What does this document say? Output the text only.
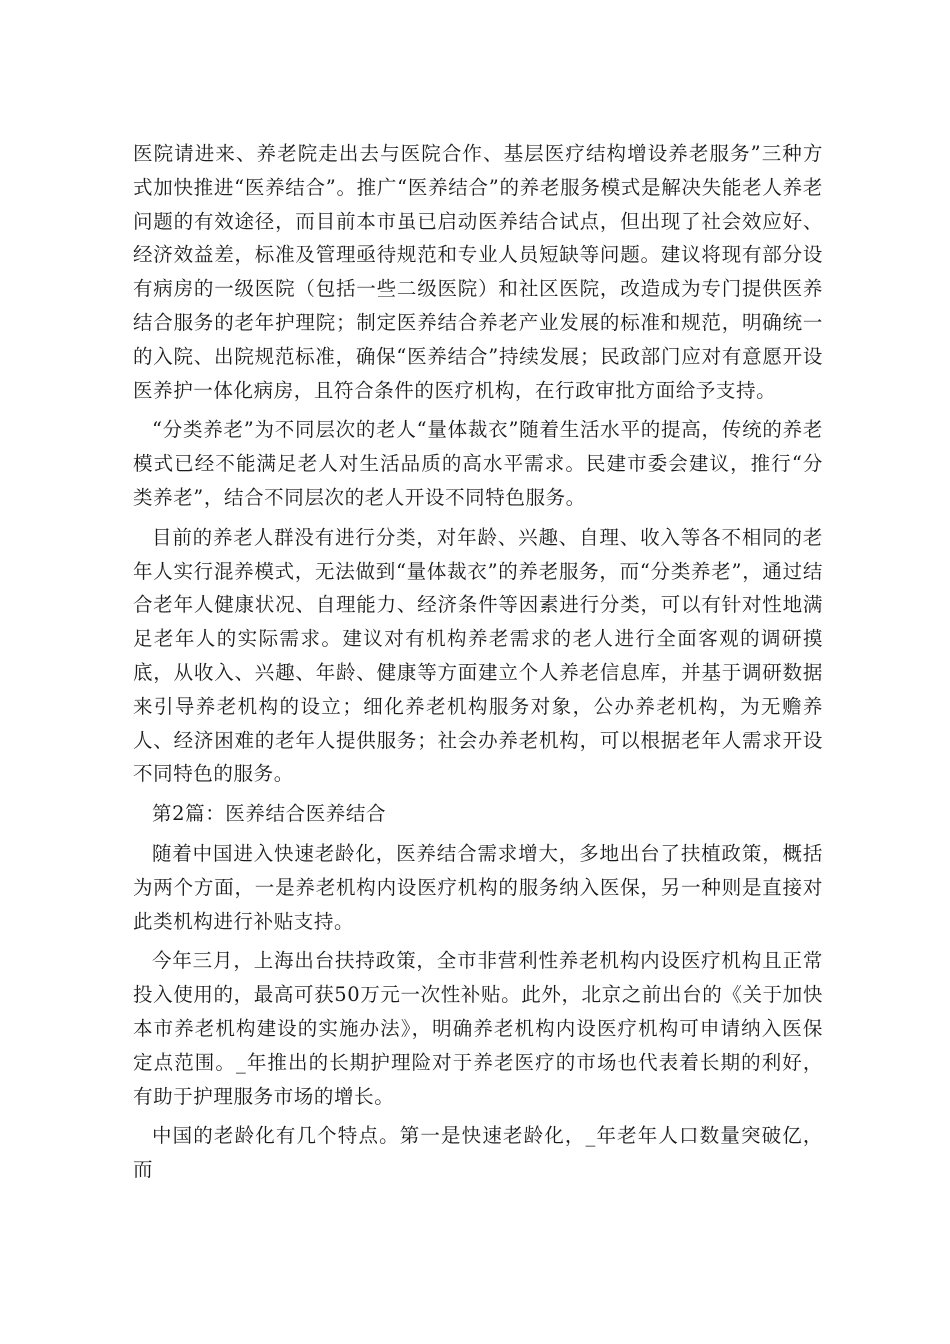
医院请进来、养老院走出去与医院合作、基层医疗结构增设养老服务”三种方式加快推进“医养结合”。推广“医养结合”的养老服务模式是解决失能老人养老问题的有效途径，而目前本市虽已启动医养结合试点，但出现了社会效应好、经济效益差，标准及管理亟待规范和专业人员短缺等问题。建议将现有部分设有病房的一级医院（包括一些二级医院）和社区医院，改造成为专门提供医养结合服务的老年护理院；制定医养结合养老产业发展的标准和规范，明确统一的入院、出院规范标准，确保“医养结合”持续发展；民政部门应对有意愿开设医养护一体化病房，且符合条件的医疗机构，在行政审批方面给予支持。

“分类养老”为不同层次的老人“量体裁衣”随着生活水平的提高，传统的养老模式已经不能满足老人对生活品质的高水平需求。民建市委会建议，推行“分类养老”，结合不同层次的老人开设不同特色服务。

目前的养老人群没有进行分类，对年龄、兴趣、自理、收入等各不相同的老年人实行混养模式，无法做到“量体裁衣”的养老服务，而“分类养老”，通过结合老年人健康状况、自理能力、经济条件等因素进行分类，可以有针对性地满足老年人的实际需求。建议对有机构养老需求的老人进行全面客观的调研摸底，从收入、兴趣、年龄、健康等方面建立个人养老信息库，并基于调研数据来引导养老机构的设立；细化养老机构服务对象，公办养老机构，为无赡养人、经济困难的老年人提供服务；社会办养老机构，可以根据老年人需求开设不同特色的服务。

第2篇：医养结合医养结合

随着中国进入快速老龄化，医养结合需求增大，多地出台了扶植政策，概括为两个方面，一是养老机构内设医疗机构的服务纳入医保，另一种则是直接对此类机构进行补贴支持。

今年三月，上海出台扶持政策，全市非营利性养老机构内设医疗机构且正常投入使用的，最高可获50万元一次性补贴。此外，北京之前出台的《关于加快本市养老机构建设的实施办法》，明确养老机构内设医疗机构可申请纳入医保定点范围。_年推出的长期护理险对于养老医疗的市场也代表着长期的利好，有助于护理服务市场的增长。

中国的老龄化有几个特点。第一是快速老龄化，_年老年人口数量突破亿，而
